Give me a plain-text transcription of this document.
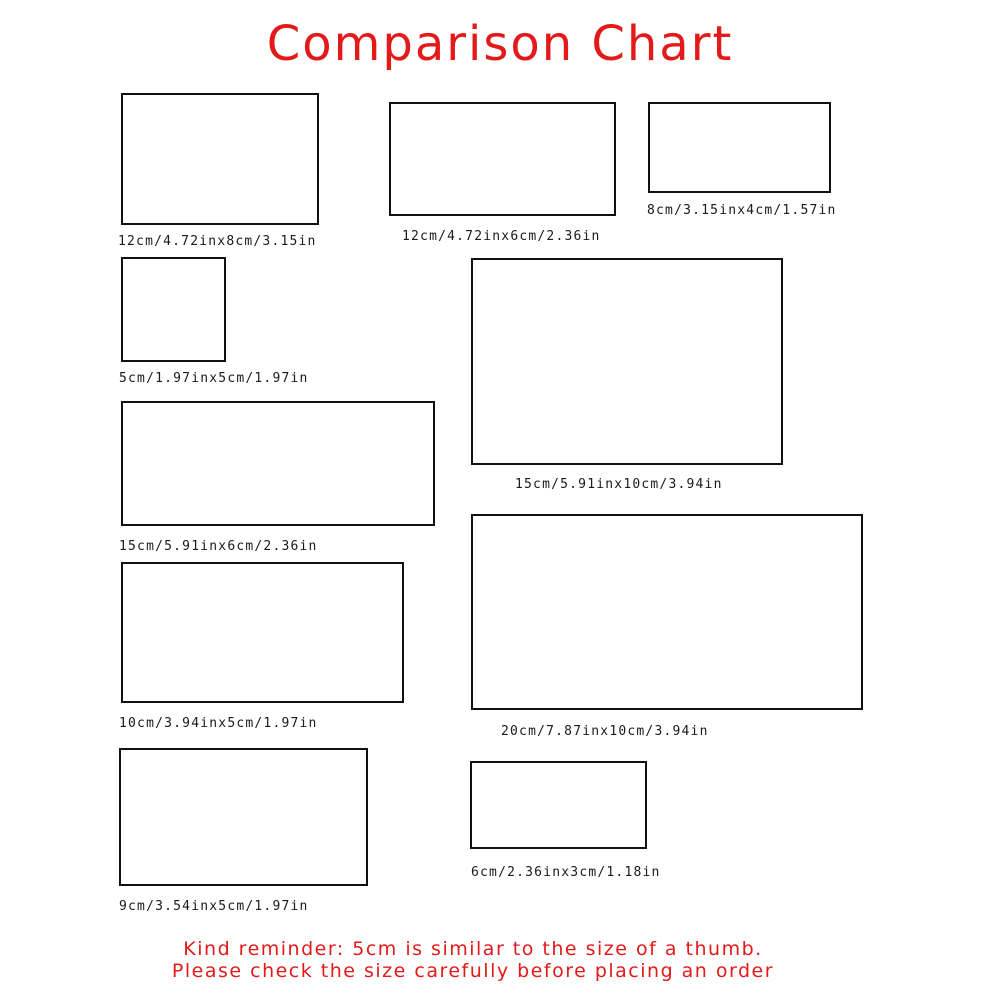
Comparison Chart
12cm/4.72inx8cm/3.15in	12cm/4.72inx6cm/2.36in
8cm/3.15inx4cm/1.57in
5cm/1.97inx5cm/1.97in
15cm/5.91inx10cm/3.94in
15cm/5.91inx6cm/2.36in
10cm/3.94inx5cm/1.97in
20cm/7.87inx10cm/3.94in
9cm/3.54inx5cm/1.97in
6cm/2.36inx3cm/1.18in
Kind reminder: 5cm is similar to the size of a thumb.
Please check the size carefully before placing an order
